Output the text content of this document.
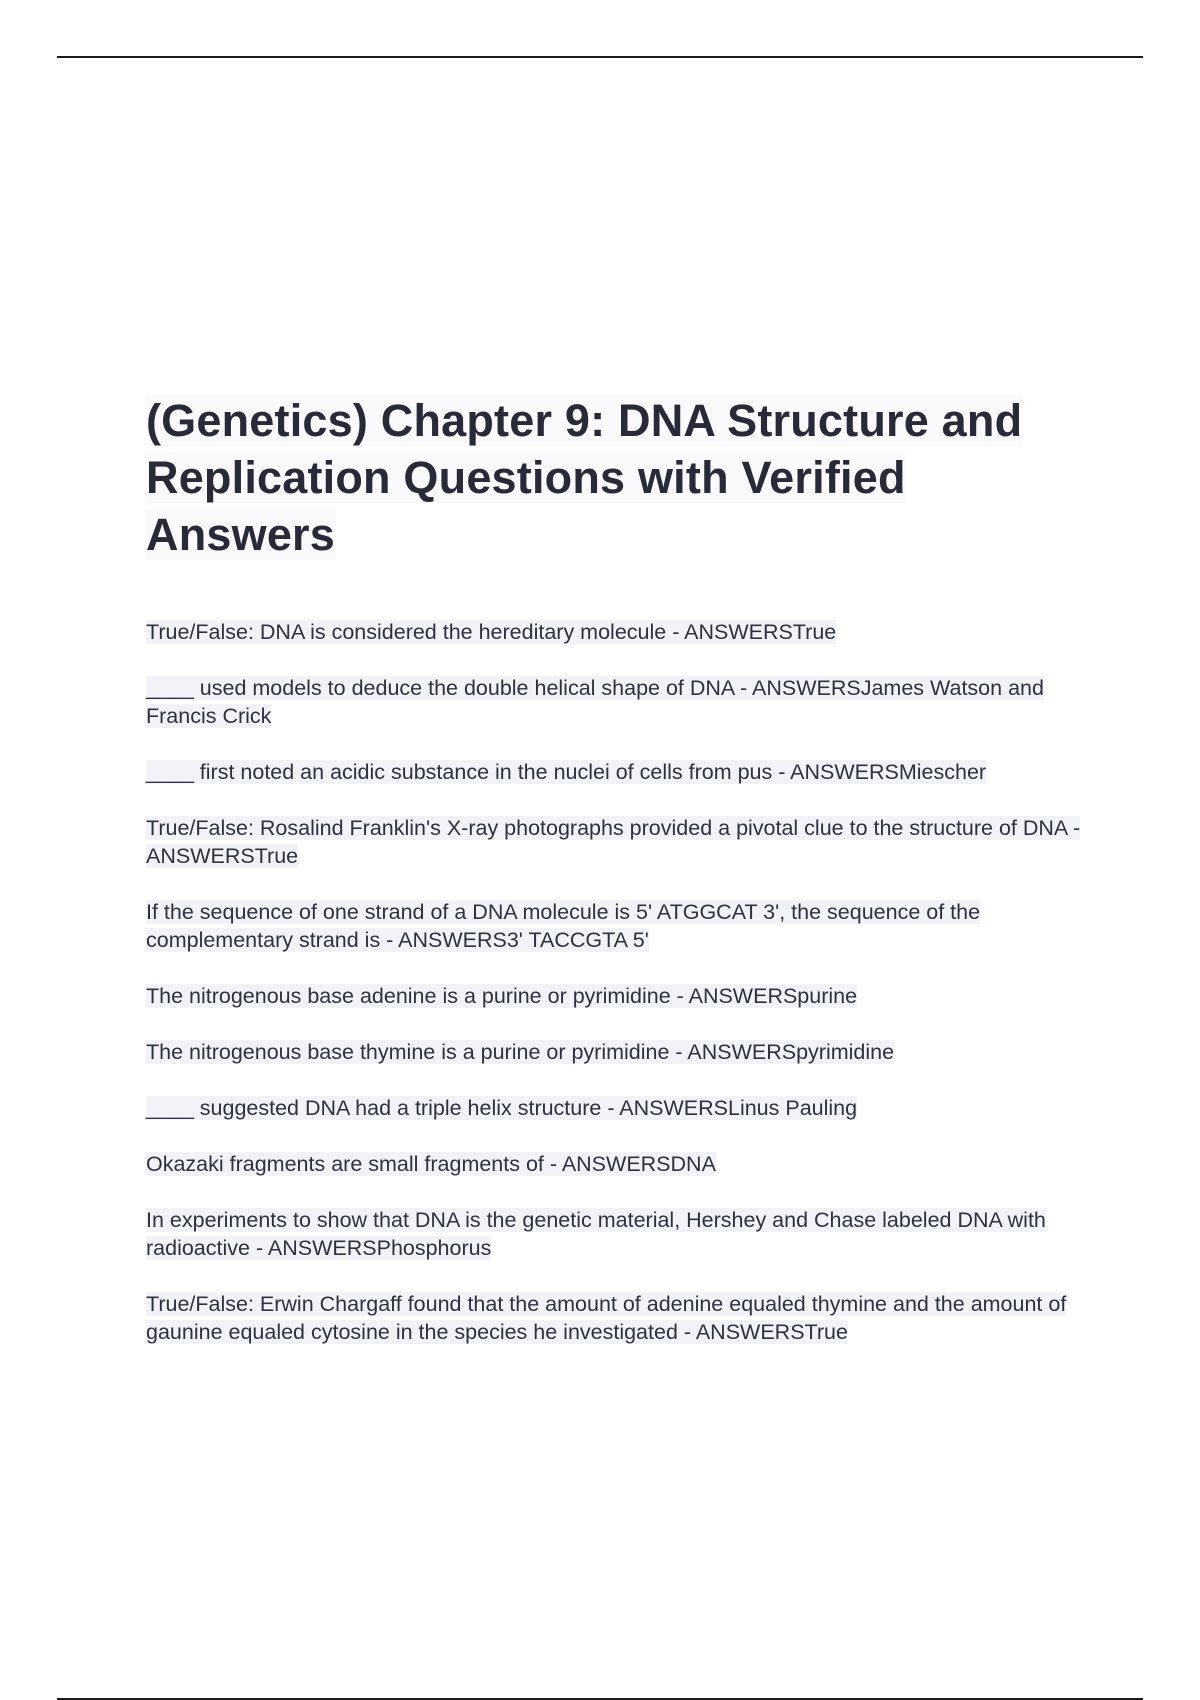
(Genetics) Chapter 9: DNA Structure and Replication Questions with Verified Answers
True/False: DNA is considered the hereditary molecule - ANSWERSTrue
____ used models to deduce the double helical shape of DNA - ANSWERSJames Watson and Francis Crick
____ first noted an acidic substance in the nuclei of cells from pus - ANSWERSMiescher
True/False: Rosalind Franklin's X-ray photographs provided a pivotal clue to the structure of DNA - ANSWERSTrue
If the sequence of one strand of a DNA molecule is 5' ATGGCAT 3', the sequence of the complementary strand is - ANSWERS3' TACCGTA 5'
The nitrogenous base adenine is a purine or pyrimidine - ANSWERSpurine
The nitrogenous base thymine is a purine or pyrimidine - ANSWERSpyrimidine
____ suggested DNA had a triple helix structure - ANSWERSLinus Pauling
Okazaki fragments are small fragments of - ANSWERSDNA
In experiments to show that DNA is the genetic material, Hershey and Chase labeled DNA with radioactive - ANSWERSPhosphorus
True/False: Erwin Chargaff found that the amount of adenine equaled thymine and the amount of gaunine equaled cytosine in the species he investigated - ANSWERSTrue
